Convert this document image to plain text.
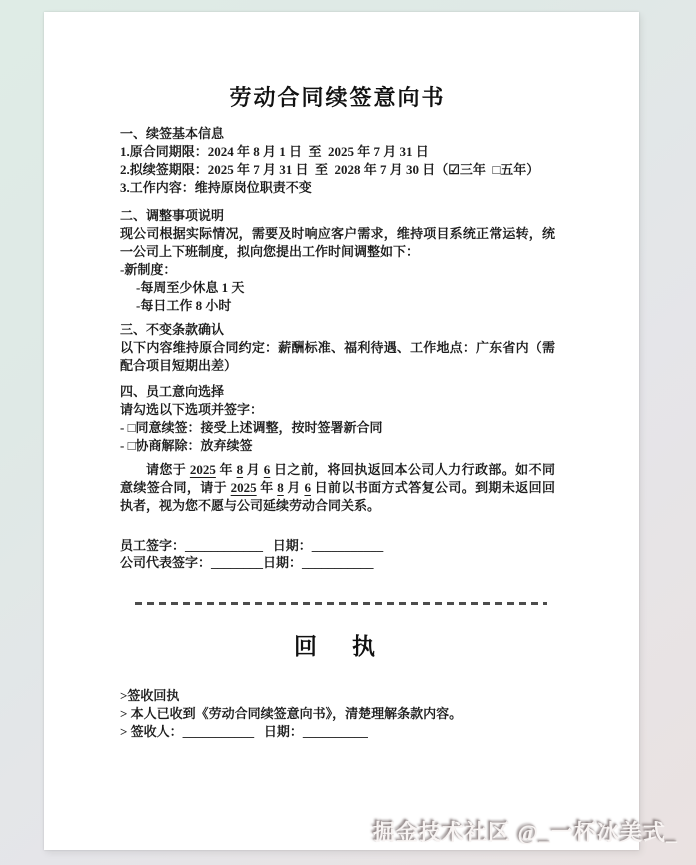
劳动合同续签意向书
一、续签基本信息
1.原合同期限：2024 年 8 月 1 日  至  2025 年 7 月 31 日
2.拟续签期限：2025 年 7 月 31 日  至  2028 年 7 月 30 日（☑三年  □五年）
3.工作内容：维持原岗位职责不变
二、调整事项说明
现公司根据实际情况，需要及时响应客户需求，维持项目系统正常运转，统一公司上下班制度，拟向您提出工作时间调整如下：
-新制度：
-每周至少休息 1 天
-每日工作 8 小时
三、不变条款确认
以下内容维持原合同约定：薪酬标准、福利待遇、工作地点：广东省内（需配合项目短期出差）
四、员工意向选择
请勾选以下选项并签字：
- □同意续签：接受上述调整，按时签署新合同
- □协商解除：放弃续签
请您于 2025 年 8 月 6 日之前，将回执返回本公司人力行政部。如不同意续签合同，请于 2025 年 8 月 6 日前以书面方式答复公司。到期未返回回执者，视为您不愿与公司延续劳动合同关系。
员工签字：____________   日期：___________
公司代表签字：________日期：___________
回　执
>签收回执
> 本人已收到《劳动合同续签意向书》，清楚理解条款内容。
> 签收人：___________   日期：__________
掘金技术社区 @_一杯冰美式_
